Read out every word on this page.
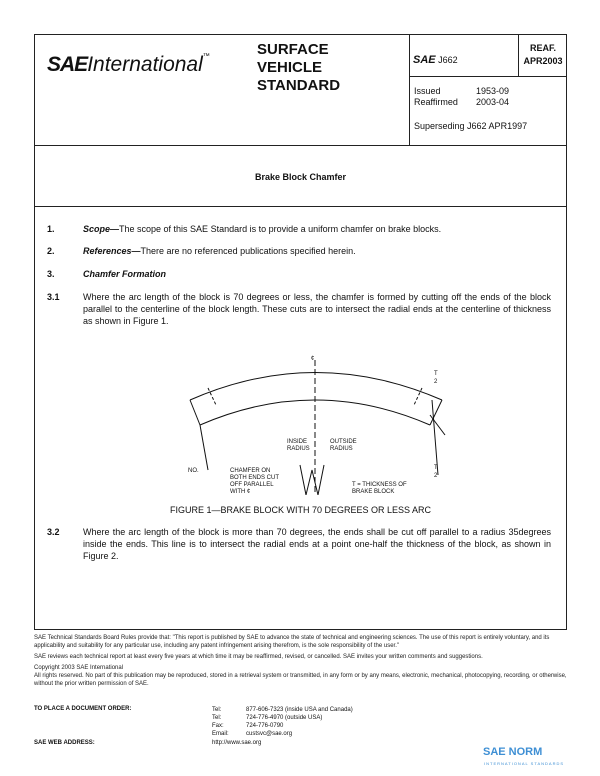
SAEInternational™	SURFACE
VEHICLE
STANDARD
SAE J662
REAF.
APR2003
Issued	1953-09
Reaffirmed 2003-04
Superseding J662 APR1997
Brake Block Chamfer
1.	Scope—The scope of this SAE Standard is to provide a uniform chamfer on brake blocks.
2.	References—There are no referenced publications specified herein.
3.	Chamfer Formation
3.1	Where the arc length of the block is 70 degrees or less, the chamfer is formed by cutting off the ends of the block parallel to the centerline of the block length. These cuts are to intersect the radial ends at the centerline of thickness as shown in Figure 1.
¢
INSIDE
RADIUS
OUTSIDE
RADIUS
NO.	CHAMFER ON
BOTH ENDS CUT
OFF PARALLEL
WITH ¢
T = THICKNESS OF
BRAKE BLOCK
T
2
T
2
FIGURE 1—BRAKE BLOCK WITH 70 DEGREES OR LESS ARC
3.2	Where the arc length of the block is more than 70 degrees, the ends shall be cut off parallel to a radius 35degrees inside the ends. This line is to intersect the radial ends at a point one-half the thickness of the block, as shown in Figure 2.

SAE Technical Standards Board Rules provide that: "This report is published by SAE to advance the state of technical and engineering sciences. The use of this report is entirely voluntary, and its applicability and suitability for any particular use, including any patent infringement arising therefrom, is the sole responsibility of the user."

SAE reviews each technical report at least every five years at which time it may be reaffirmed, revised, or cancelled. SAE invites your written comments and suggestions.

Copyright 2003 SAE International

All rights reserved. No part of this publication may be reproduced, stored in a retrieval system or transmitted, in any form or by any means, electronic, mechanical, photocopying, recording, or otherwise, without the prior written permission of SAE.

TO PLACE A DOCUMENT ORDER:	Tel:	877-606-7323 (inside USA and Canada)
Tel:	724-776-4970 (outside USA)
Fax:	724-776-0790
Email:	custsvc@sae.org
SAE WEB ADDRESS:	http://www.sae.org
SAE NORM
INTERNATIONAL STANDARDS
